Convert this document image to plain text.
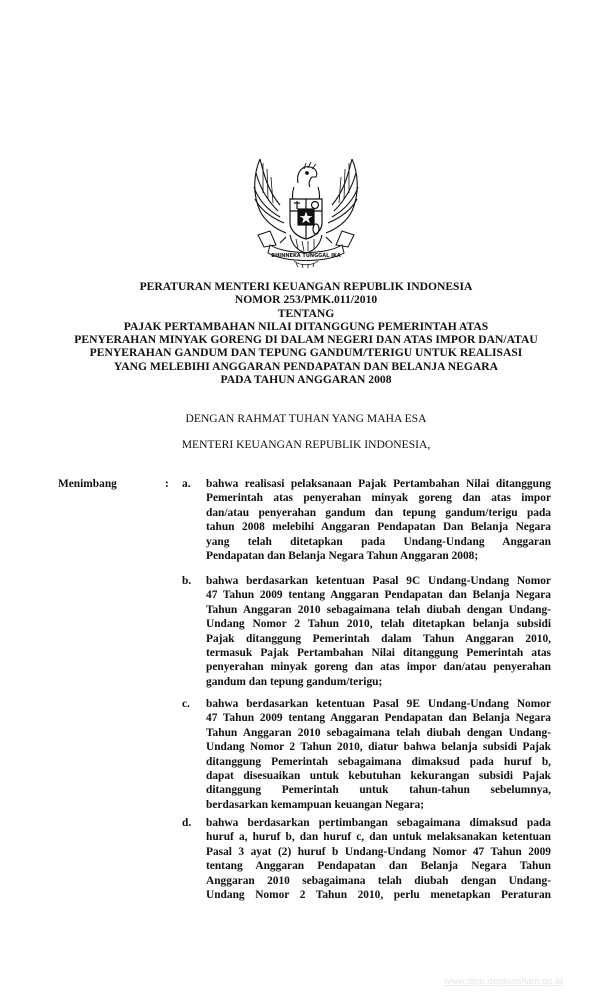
BHINNEKA TUNGGAL IKA
PERATURAN MENTERI KEUANGAN REPUBLIK INDONESIA
NOMOR 253/PMK.011/2010
TENTANG
PAJAK PERTAMBAHAN NILAI DITANGGUNG PEMERINTAH ATAS
PENYERAHAN MINYAK GORENG DI DALAM NEGERI DAN ATAS IMPOR DAN/ATAU
PENYERAHAN GANDUM DAN TEPUNG GANDUM/TERIGU UNTUK REALISASI
YANG MELEBIHI ANGGARAN PENDAPATAN DAN BELANJA NEGARA
PADA TAHUN ANGGARAN 2008
DENGAN RAHMAT TUHAN YANG MAHA ESA
MENTERI KEUANGAN REPUBLIK INDONESIA,
Menimbang	: a. bahwa realisasi pelaksanaan Pajak Pertambahan Nilai ditanggung
Pemerintah atas penyerahan minyak goreng dan atas impor
dan/atau penyerahan gandum dan tepung gandum/terigu pada
tahun 2008 melebihi Anggaran Pendapatan Dan Belanja Negara
yang telah ditetapkan pada Undang-Undang Anggaran
Pendapatan dan Belanja Negara Tahun Anggaran 2008;
b. bahwa berdasarkan ketentuan Pasal 9C Undang-Undang Nomor
47 Tahun 2009 tentang Anggaran Pendapatan dan Belanja Negara
Tahun Anggaran 2010 sebagaimana telah diubah dengan Undang-
Undang Nomor 2 Tahun 2010, telah ditetapkan belanja subsidi
Pajak ditanggung Pemerintah dalam Tahun Anggaran 2010,
termasuk Pajak Pertambahan Nilai ditanggung Pemerintah atas
penyerahan minyak goreng dan atas impor dan/atau penyerahan
gandum dan tepung gandum/terigu;
c. bahwa berdasarkan ketentuan Pasal 9E Undang-Undang Nomor
47 Tahun 2009 tentang Anggaran Pendapatan dan Belanja Negara
Tahun Anggaran 2010 sebagaimana telah diubah dengan Undang-
Undang Nomor 2 Tahun 2010, diatur bahwa belanja subsidi Pajak
ditanggung Pemerintah sebagaimana dimaksud pada huruf b,
dapat disesuaikan untuk kebutuhan kekurangan subsidi Pajak
ditanggung Pemerintah untuk tahun-tahun sebelumnya,
berdasarkan kemampuan keuangan Negara;
d. bahwa berdasarkan pertimbangan sebagaimana dimaksud pada
huruf a, huruf b, dan huruf c, dan untuk melaksanakan ketentuan
Pasal 3 ayat (2) huruf b Undang-Undang Nomor 47 Tahun 2009
tentang Anggaran Pendapatan dan Belanja Negara Tahun
Anggaran 2010 sebagaimana telah diubah dengan Undang-
Undang Nomor 2 Tahun 2010, perlu menetapkan Peraturan
www.djpp.depkumham.go.id
